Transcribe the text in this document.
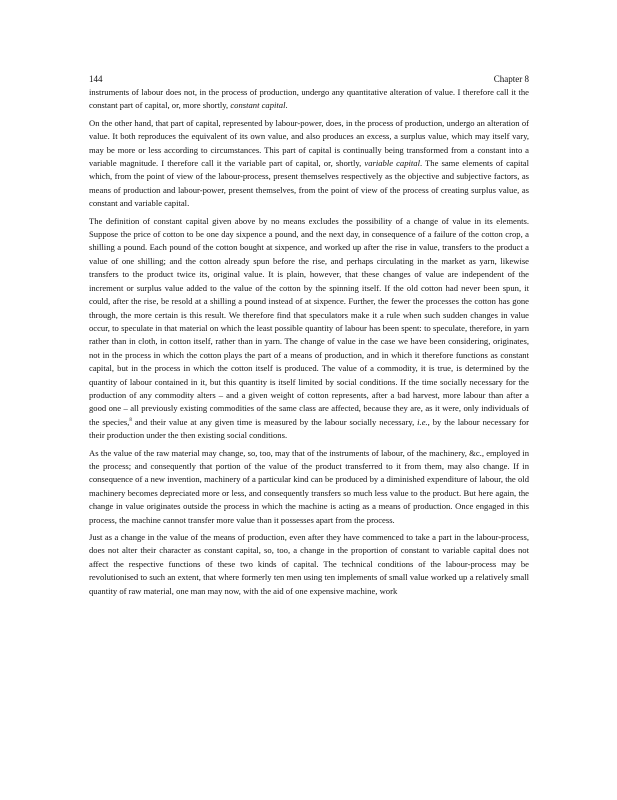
144	Chapter 8

instruments of labour does not, in the process of production, undergo any quantitative alteration of value. I therefore call it the constant part of capital, or, more shortly, constant capital.

On the other hand, that part of capital, represented by labour-power, does, in the process of production, undergo an alteration of value. It both reproduces the equivalent of its own value, and also produces an excess, a surplus value, which may itself vary, may be more or less according to circumstances. This part of capital is continually being transformed from a constant into a variable magnitude. I therefore call it the variable part of capital, or, shortly, variable capital. The same elements of capital which, from the point of view of the labour-process, present themselves respectively as the objective and subjective factors, as means of production and labour-power, present themselves, from the point of view of the process of creating surplus value, as constant and variable capital.

The definition of constant capital given above by no means excludes the possibility of a change of value in its elements. Suppose the price of cotton to be one day sixpence a pound, and the next day, in consequence of a failure of the cotton crop, a shilling a pound. Each pound of the cotton bought at sixpence, and worked up after the rise in value, transfers to the product a value of one shilling; and the cotton already spun before the rise, and perhaps circulating in the market as yarn, likewise transfers to the product twice its, original value. It is plain, however, that these changes of value are independent of the increment or surplus value added to the value of the cotton by the spinning itself. If the old cotton had never been spun, it could, after the rise, be resold at a shilling a pound instead of at sixpence. Further, the fewer the processes the cotton has gone through, the more certain is this result. We therefore find that speculators make it a rule when such sudden changes in value occur, to speculate in that material on which the least possible quantity of labour has been spent: to speculate, therefore, in yarn rather than in cloth, in cotton itself, rather than in yarn. The change of value in the case we have been considering, originates, not in the process in which the cotton plays the part of a means of production, and in which it therefore functions as constant capital, but in the process in which the cotton itself is produced. The value of a commodity, it is true, is determined by the quantity of labour contained in it, but this quantity is itself limited by social conditions. If the time socially necessary for the production of any commodity alters – and a given weight of cotton represents, after a bad harvest, more labour than after a good one – all previously existing commodities of the same class are affected, because they are, as it were, only individuals of the species,$^8$ and their value at any given time is measured by the labour socially necessary, i.e., by the labour necessary for their production under the then existing social conditions.

As the value of the raw material may change, so, too, may that of the instruments of labour, of the machinery, &c., employed in the process; and consequently that portion of the value of the product transferred to it from them, may also change. If in consequence of a new invention, machinery of a particular kind can be produced by a diminished expenditure of labour, the old machinery becomes depreciated more or less, and consequently transfers so much less value to the product. But here again, the change in value originates outside the process in which the machine is acting as a means of production. Once engaged in this process, the machine cannot transfer more value than it possesses apart from the process.

Just as a change in the value of the means of production, even after they have commenced to take a part in the labour-process, does not alter their character as constant capital, so, too, a change in the proportion of constant to variable capital does not affect the respective functions of these two kinds of capital. The technical conditions of the labour-process may be revolutionised to such an extent, that where formerly ten men using ten implements of small value worked up a relatively small quantity of raw material, one man may now, with the aid of one expensive machine, work
